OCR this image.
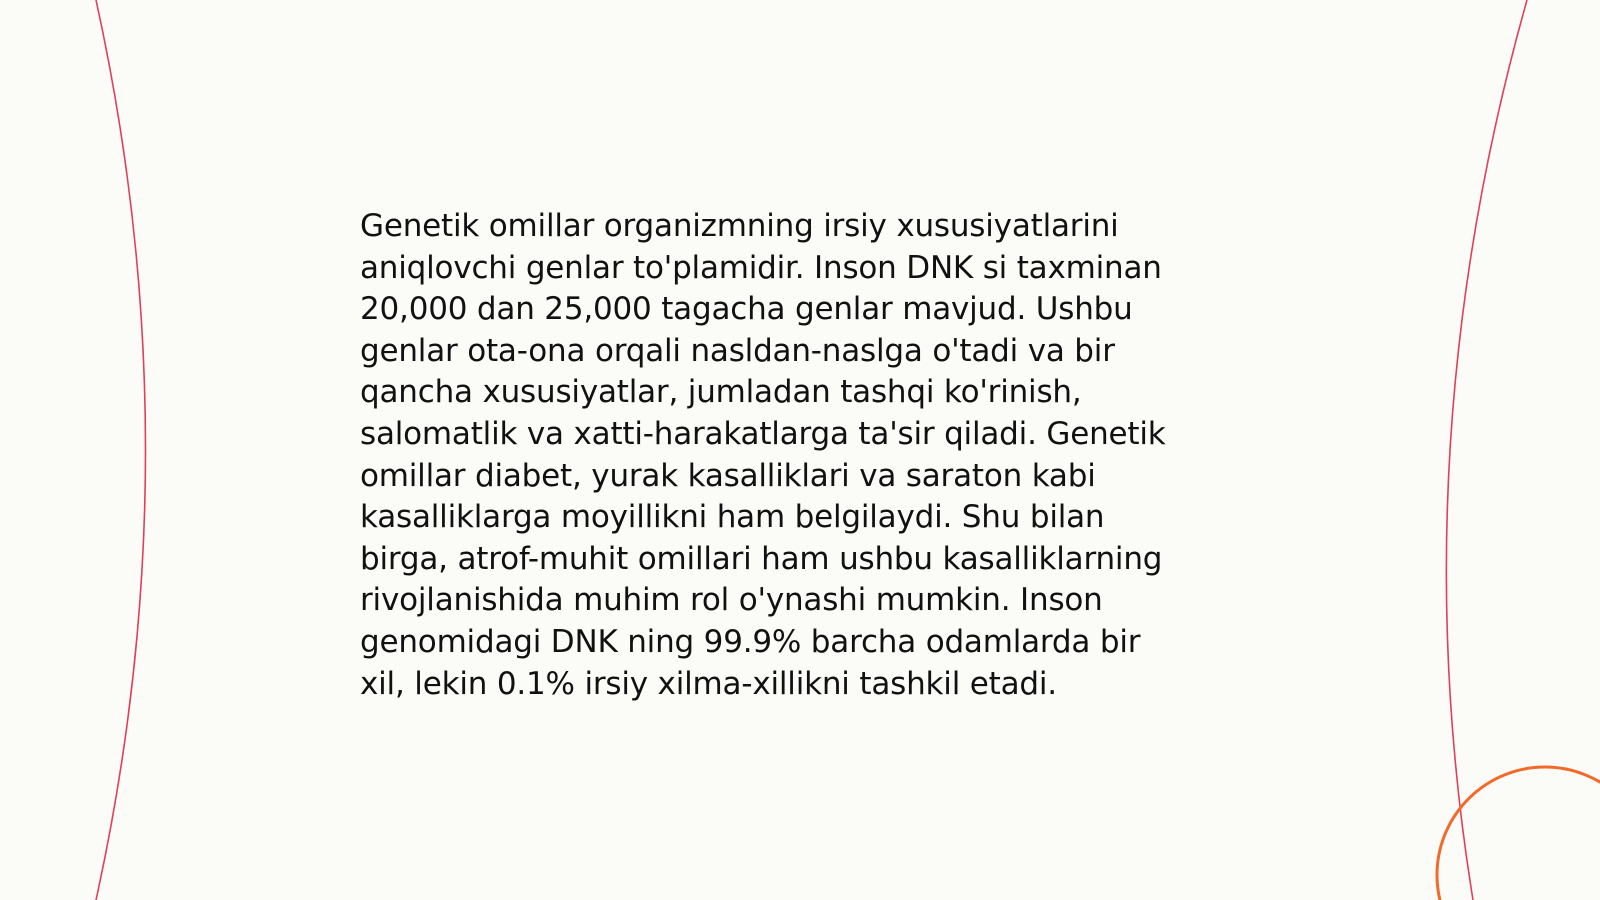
Genetik omillar organizmning irsiy xususiyatlarini
aniqlovchi genlar to'plamidir. Inson DNK si taxminan
20,000 dan 25,000 tagacha genlar mavjud. Ushbu
genlar ota-ona orqali nasldan-naslga o'tadi va bir
qancha xususiyatlar, jumladan tashqi ko'rinish,
salomatlik va xatti-harakatlarga ta'sir qiladi. Genetik
omillar diabet, yurak kasalliklari va saraton kabi
kasalliklarga moyillikni ham belgilaydi. Shu bilan
birga, atrof-muhit omillari ham ushbu kasalliklarning
rivojlanishida muhim rol o'ynashi mumkin. Inson
genomidagi DNK ning 99.9% barcha odamlarda bir
xil, lekin 0.1% irsiy xilma-xillikni tashkil etadi.
